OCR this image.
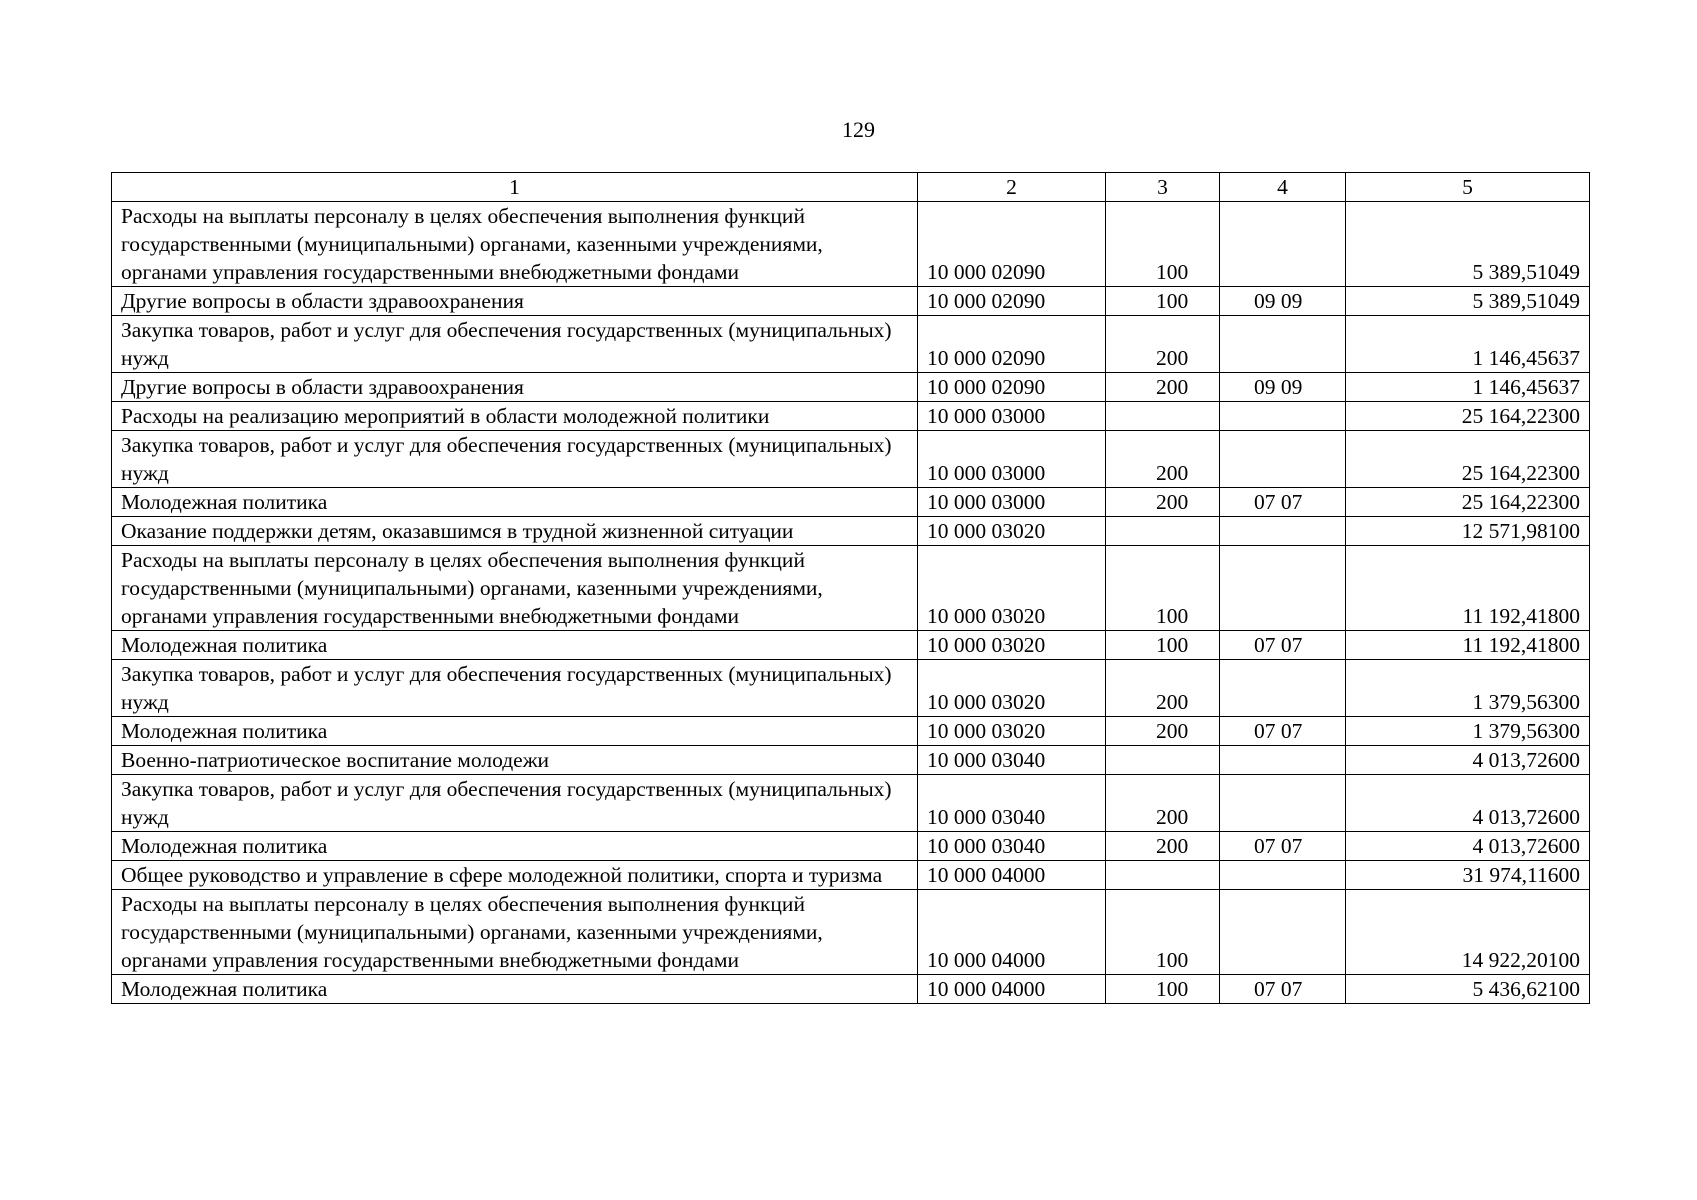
129
1	2	3	4	5
Расходы на выплаты персоналу в целях обеспечения выполнения функций государственными (муниципальными) органами, казенными учреждениями, органами управления государственными внебюджетными фондами	10 000 02090	100		5 389,51049
Другие вопросы в области здравоохранения	10 000 02090	100	09 09	5 389,51049
Закупка товаров, работ и услуг для обеспечения государственных (муниципальных) нужд	10 000 02090	200		1 146,45637
Другие вопросы в области здравоохранения	10 000 02090	200	09 09	1 146,45637
Расходы на реализацию мероприятий в области молодежной политики	10 000 03000			25 164,22300
Закупка товаров, работ и услуг для обеспечения государственных (муниципальных) нужд	10 000 03000	200		25 164,22300
Молодежная политика	10 000 03000	200	07 07	25 164,22300
Оказание поддержки детям, оказавшимся в трудной жизненной ситуации	10 000 03020			12 571,98100
Расходы на выплаты персоналу в целях обеспечения выполнения функций государственными (муниципальными) органами, казенными учреждениями, органами управления государственными внебюджетными фондами	10 000 03020	100		11 192,41800
Молодежная политика	10 000 03020	100	07 07	11 192,41800
Закупка товаров, работ и услуг для обеспечения государственных (муниципальных) нужд	10 000 03020	200		1 379,56300
Молодежная политика	10 000 03020	200	07 07	1 379,56300
Военно-патриотическое воспитание молодежи	10 000 03040			4 013,72600
Закупка товаров, работ и услуг для обеспечения государственных (муниципальных) нужд	10 000 03040	200		4 013,72600
Молодежная политика	10 000 03040	200	07 07	4 013,72600
Общее руководство и управление в сфере молодежной политики, спорта и туризма	10 000 04000			31 974,11600
Расходы на выплаты персоналу в целях обеспечения выполнения функций государственными (муниципальными) органами, казенными учреждениями, органами управления государственными внебюджетными фондами	10 000 04000	100		14 922,20100
Молодежная политика	10 000 04000	100	07 07	5 436,62100
